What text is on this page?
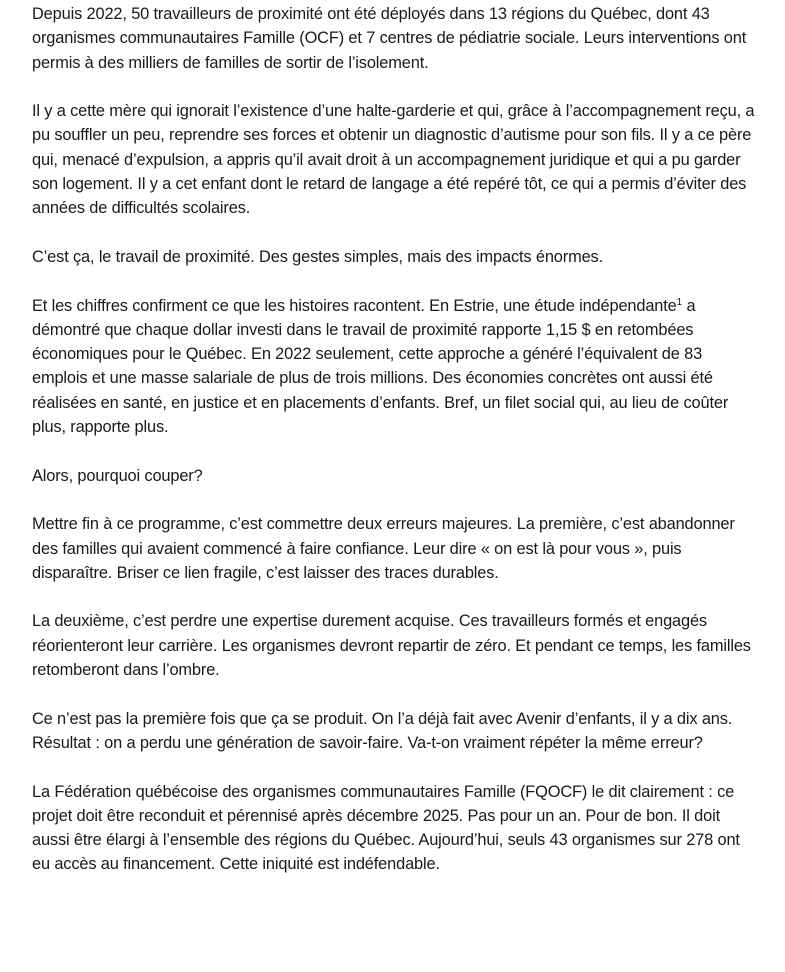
Depuis 2022, 50 travailleurs de proximité ont été déployés dans 13 régions du Québec, dont 43 organismes communautaires Famille (OCF) et 7 centres de pédiatrie sociale. Leurs interventions ont permis à des milliers de familles de sortir de l’isolement.

Il y a cette mère qui ignorait l’existence d’une halte-garderie et qui, grâce à l’accompagnement reçu, a pu souffler un peu, reprendre ses forces et obtenir un diagnostic d’autisme pour son fils. Il y a ce père qui, menacé d’expulsion, a appris qu’il avait droit à un accompagnement juridique et qui a pu garder son logement. Il y a cet enfant dont le retard de langage a été repéré tôt, ce qui a permis d’éviter des années de difficultés scolaires.

C’est ça, le travail de proximité. Des gestes simples, mais des impacts énormes.

Et les chiffres confirment ce que les histoires racontent. En Estrie, une étude indépendante$^1$ a démontré que chaque dollar investi dans le travail de proximité rapporte 1,15 $ en retombées économiques pour le Québec. En 2022 seulement, cette approche a généré l’équivalent de 83 emplois et une masse salariale de plus de trois millions. Des économies concrètes ont aussi été réalisées en santé, en justice et en placements d’enfants. Bref, un filet social qui, au lieu de coûter plus, rapporte plus.

Alors, pourquoi couper?

Mettre fin à ce programme, c’est commettre deux erreurs majeures. La première, c’est abandonner des familles qui avaient commencé à faire confiance. Leur dire « on est là pour vous », puis disparaître. Briser ce lien fragile, c’est laisser des traces durables.

La deuxième, c’est perdre une expertise durement acquise. Ces travailleurs formés et engagés réorienteront leur carrière. Les organismes devront repartir de zéro. Et pendant ce temps, les familles retomberont dans l’ombre.

Ce n’est pas la première fois que ça se produit. On l’a déjà fait avec Avenir d’enfants, il y a dix ans. Résultat : on a perdu une génération de savoir-faire. Va-t-on vraiment répéter la même erreur?

La Fédération québécoise des organismes communautaires Famille (FQOCF) le dit clairement : ce projet doit être reconduit et pérennisé après décembre 2025. Pas pour un an. Pour de bon. Il doit aussi être élargi à l’ensemble des régions du Québec. Aujourd’hui, seuls 43 organismes sur 278 ont eu accès au financement. Cette iniquité est indéfendable.
